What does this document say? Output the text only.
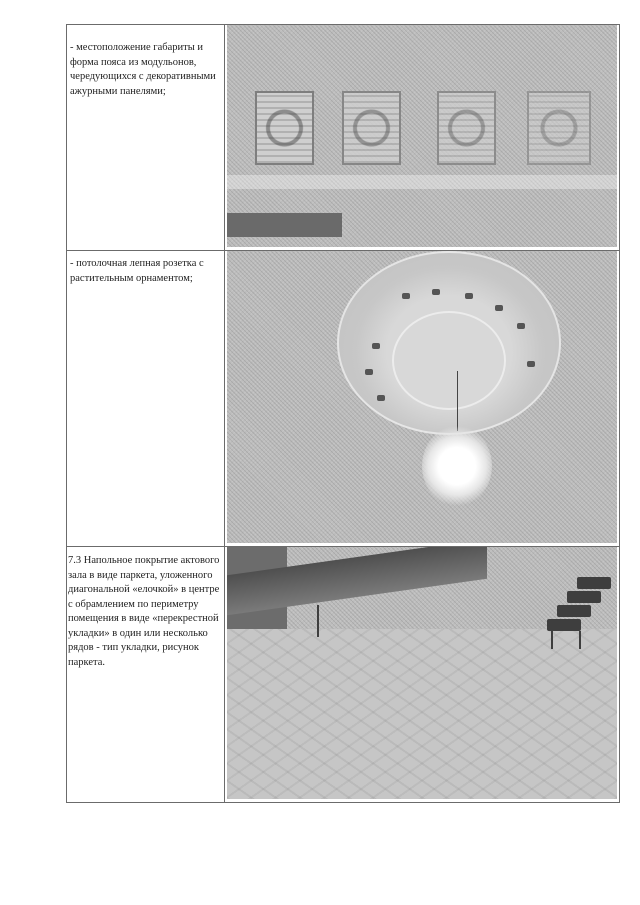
- местоположение габариты и форма пояса из модульонов, чередующихся с декоративными ажурными панелями;
- потолочная лепная розетка с растительным орнаментом;
7.3 Напольное покрытие актового зала в виде паркета, уложенного диагональной «елочкой» в центре с обрамлением по периметру помещения в виде «перекрестной укладки» в один или несколько рядов - тип укладки, рисунок паркета.
